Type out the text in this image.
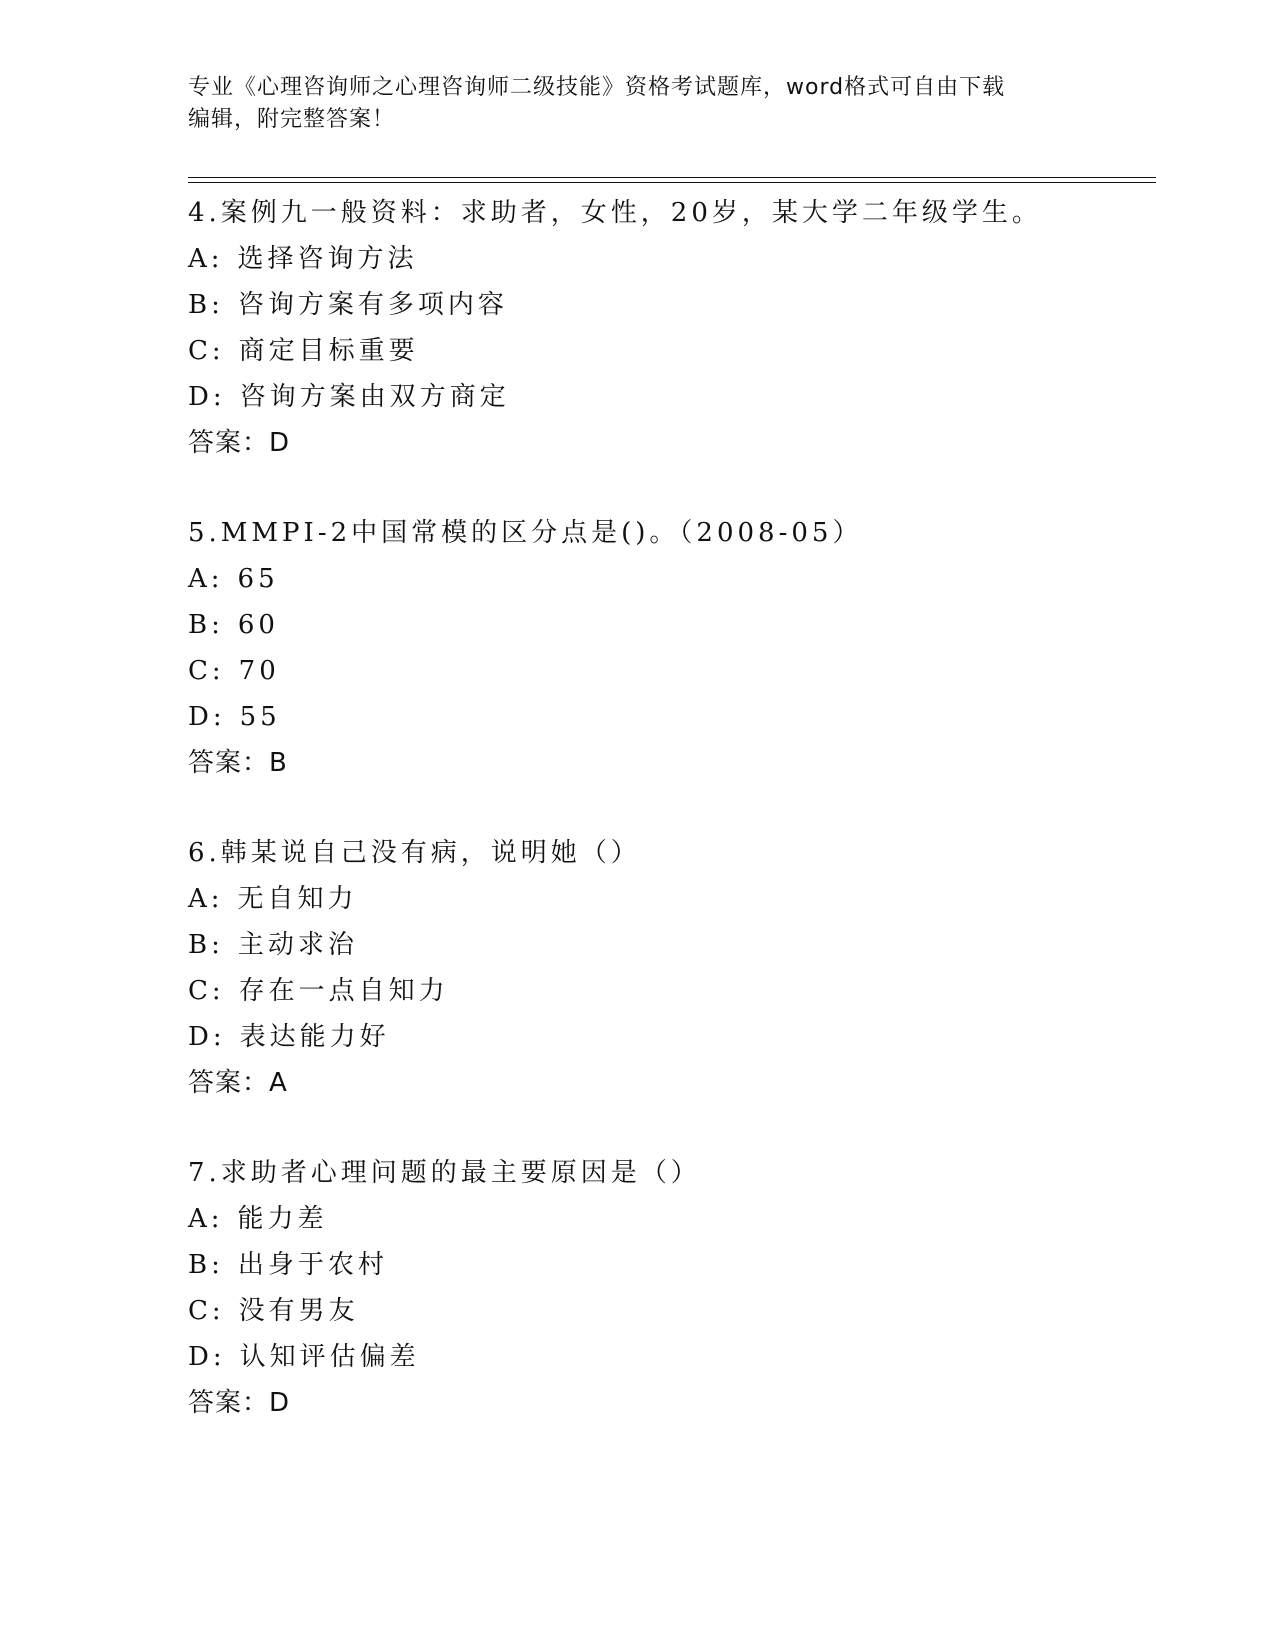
专业《心理咨询师之心理咨询师二级技能》资格考试题库，word格式可自由下载
编辑，附完整答案！
4.案例九一般资料：求助者，女性，20岁，某大学二年级学生。
A: 选择咨询方法
B: 咨询方案有多项内容
C: 商定目标重要
D: 咨询方案由双方商定
答案：D
5.MMPI-2中国常模的区分点是()。（2008-05）
A: 65
B: 60
C: 70
D: 55
答案：B
6.韩某说自己没有病，说明她（）
A: 无自知力
B: 主动求治
C: 存在一点自知力
D: 表达能力好
答案：A
7.求助者心理问题的最主要原因是（）
A: 能力差
B: 出身于农村
C: 没有男友
D: 认知评估偏差
答案：D
